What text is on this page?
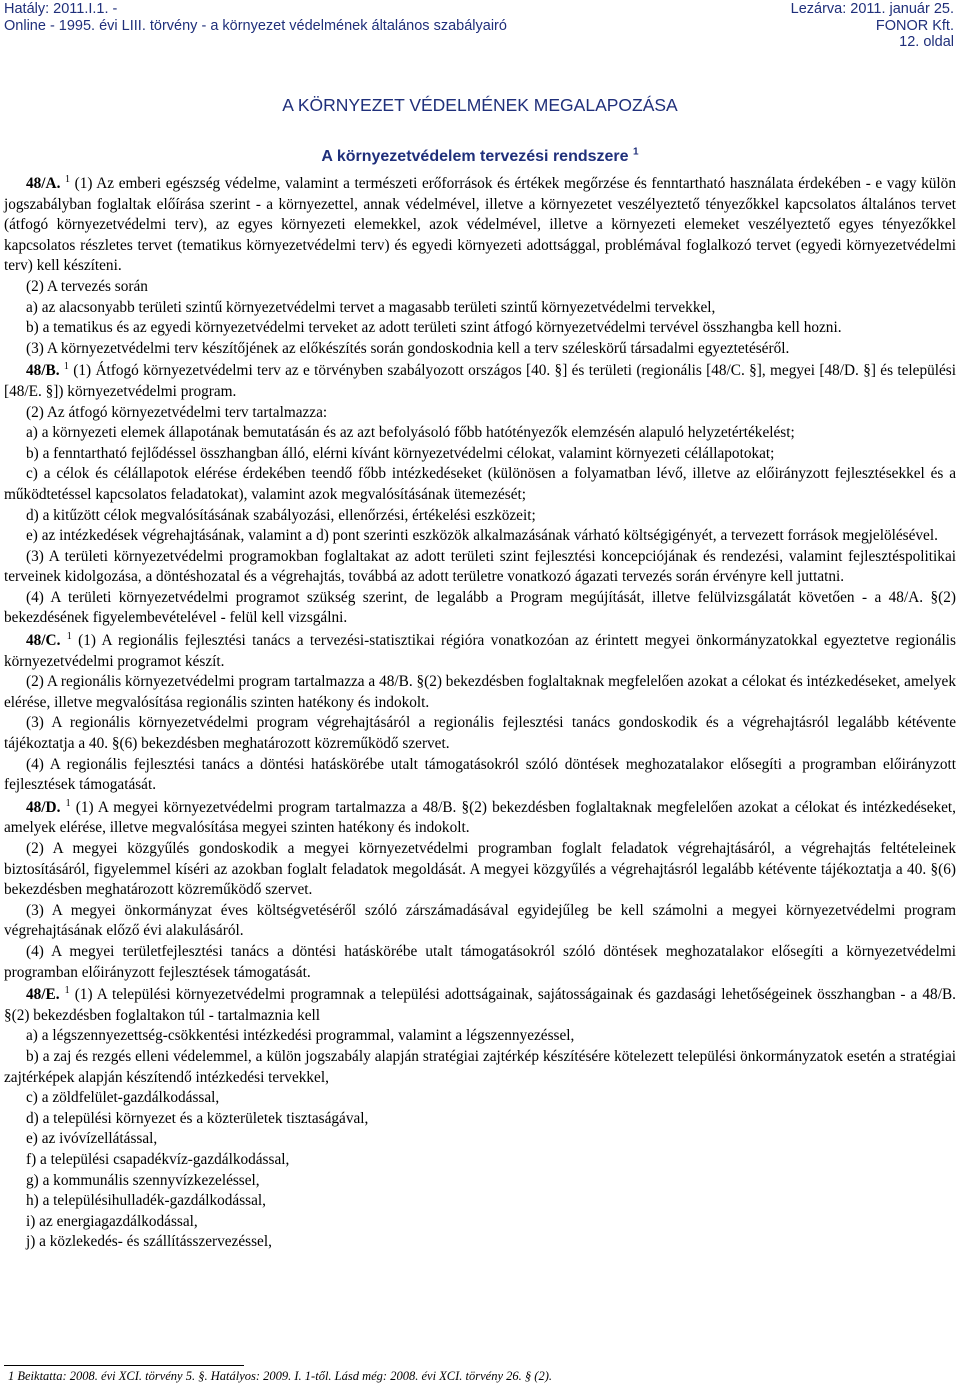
Hatály: 2011.I.1. -
Online - 1995. évi LIII. törvény - a környezet védelmének általános szabályairó
Lezárva: 2011. január 25.
FONOR Kft.
12. oldal
A KÖRNYEZET VÉDELMÉNEK MEGALAPOZÁSA
A környezetvédelem tervezési rendszere $^1$

48/A. $^1$ (1) Az emberi egészség védelme, valamint a természeti erőforrások és értékek megőrzése és fenntartható használata érdekében - e vagy külön jogszabályban foglaltak előírása szerint - a környezettel, annak védelmével, illetve a környezetet veszélyeztető tényezőkkel kapcsolatos általános tervet (átfogó környezetvédelmi terv), az egyes környezeti elemekkel, azok védelmével, illetve a környezeti elemeket veszélyeztető egyes tényezőkkel kapcsolatos részletes tervet (tematikus környezetvédelmi terv) és egyedi környezeti adottsággal, problémával foglalkozó tervet (egyedi környezetvédelmi terv) kell készíteni.

(2) A tervezés során

a) az alacsonyabb területi szintű környezetvédelmi tervet a magasabb területi szintű környezetvédelmi tervekkel,

b) a tematikus és az egyedi környezetvédelmi terveket az adott területi szint átfogó környezetvédelmi tervével összhangba kell hozni.

(3) A környezetvédelmi terv készítőjének az előkészítés során gondoskodnia kell a terv széleskörű társadalmi egyeztetéséről.

48/B. $^1$ (1) Átfogó környezetvédelmi terv az e törvényben szabályozott országos [40. §] és területi (regionális [48/C. §], megyei [48/D. §] és települési [48/E. §]) környezetvédelmi program.

(2) Az átfogó környezetvédelmi terv tartalmazza:

a) a környezeti elemek állapotának bemutatásán és az azt befolyásoló főbb hatótényezők elemzésén alapuló helyzetértékelést;

b) a fenntartható fejlődéssel összhangban álló, elérni kívánt környezetvédelmi célokat, valamint környezeti célállapotokat;

c) a célok és célállapotok elérése érdekében teendő főbb intézkedéseket (különösen a folyamatban lévő, illetve az előirányzott fejlesztésekkel és a működtetéssel kapcsolatos feladatokat), valamint azok megvalósításának ütemezését;

d) a kitűzött célok megvalósításának szabályozási, ellenőrzési, értékelési eszközeit;

e) az intézkedések végrehajtásának, valamint a d) pont szerinti eszközök alkalmazásának várható költségigényét, a tervezett források megjelölésével.

(3) A területi környezetvédelmi programokban foglaltakat az adott területi szint fejlesztési koncepciójának és rendezési, valamint fejlesztéspolitikai terveinek kidolgozása, a döntéshozatal és a végrehajtás, továbbá az adott területre vonatkozó ágazati tervezés során érvényre kell juttatni.

(4) A területi környezetvédelmi programot szükség szerint, de legalább a Program megújítását, illetve felülvizsgálatát követően - a 48/A. §(2) bekezdésének figyelembevételével - felül kell vizsgálni.

48/C. $^1$ (1) A regionális fejlesztési tanács a tervezési-statisztikai régióra vonatkozóan az érintett megyei önkormányzatokkal egyeztetve regionális környezetvédelmi programot készít.

(2) A regionális környezetvédelmi program tartalmazza a 48/B. §(2) bekezdésben foglaltaknak megfelelően azokat a célokat és intézkedéseket, amelyek elérése, illetve megvalósítása regionális szinten hatékony és indokolt.

(3) A regionális környezetvédelmi program végrehajtásáról a regionális fejlesztési tanács gondoskodik és a végrehajtásról legalább kétévente tájékoztatja a 40. §(6) bekezdésben meghatározott közreműködő szervet.

(4) A regionális fejlesztési tanács a döntési hatáskörébe utalt támogatásokról szóló döntések meghozatalakor elősegíti a programban előirányzott fejlesztések támogatását.

48/D. $^1$ (1) A megyei környezetvédelmi program tartalmazza a 48/B. §(2) bekezdésben foglaltaknak megfelelően azokat a célokat és intézkedéseket, amelyek elérése, illetve megvalósítása megyei szinten hatékony és indokolt.

(2) A megyei közgyűlés gondoskodik a megyei környezetvédelmi programban foglalt feladatok végrehajtásáról, a végrehajtás feltételeinek biztosításáról, figyelemmel kíséri az azokban foglalt feladatok megoldását. A megyei közgyűlés a végrehajtásról legalább kétévente tájékoztatja a 40. §(6) bekezdésben meghatározott közreműködő szervet.

(3) A megyei önkormányzat éves költségvetéséről szóló zárszámadásával egyidejűleg be kell számolni a megyei környezetvédelmi program végrehajtásának előző évi alakulásáról.

(4) A megyei területfejlesztési tanács a döntési hatáskörébe utalt támogatásokról szóló döntések meghozatalakor elősegíti a környezetvédelmi programban előirányzott fejlesztések támogatását.

48/E. $^1$ (1) A települési környezetvédelmi programnak a települési adottságainak, sajátosságainak és gazdasági lehetőségeinek összhangban - a 48/B. §(2) bekezdésben foglaltakon túl - tartalmaznia kell

a) a légszennyezettség-csökkentési intézkedési programmal, valamint a légszennyezéssel,

b) a zaj és rezgés elleni védelemmel, a külön jogszabály alapján stratégiai zajtérkép készítésére kötelezett települési önkormányzatok esetén a stratégiai zajtérképek alapján készítendő intézkedési tervekkel,

c) a zöldfelület-gazdálkodással,

d) a települési környezet és a közterületek tisztaságával,

e) az ivóvízellátással,

f) a települési csapadékvíz-gazdálkodással,

g) a kommunális szennyvízkezeléssel,

h) a településihulladék-gazdálkodással,

i) az energiagazdálkodással,

j) a közlekedés- és szállításszervezéssel,

1 Beiktatta: 2008. évi XCI. törvény 5. §. Hatályos: 2009. I. 1-től. Lásd még: 2008. évi XCI. törvény 26. § (2).
